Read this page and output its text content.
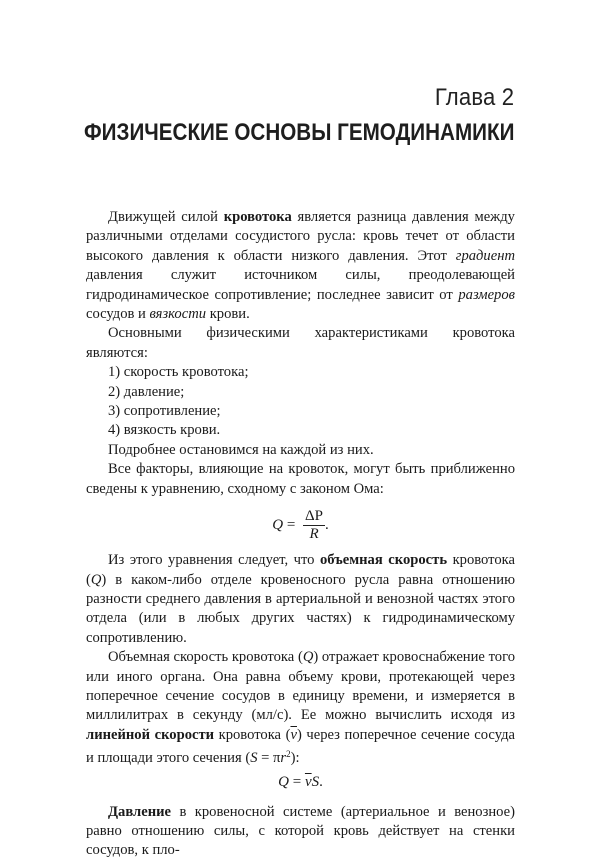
Глава 2
ФИЗИЧЕСКИЕ ОСНОВЫ ГЕМОДИНАМИКИ

Движущей силой кровотока является разница давления между различными отделами сосудистого русла: кровь течет от области высокого давления к области низкого давления. Этот градиент давления служит источником силы, преодолевающей гидродинамическое сопротивление; последнее зависит от размеров сосудов и вязкости крови.

Основными физическими характеристиками кровотока являются:

1) скорость кровотока;

2) давление;

3) сопротивление;

4) вязкость крови.

Подробнее остановимся на каждой из них.

Все факторы, влияющие на кровоток, могут быть приближенно сведены к уравнению, сходному с законом Ома:

$Q = \frac{\Delta P}{R}$ .

Из этого уравнения следует, что объемная скорость кровотока (Q) в каком-либо отделе кровеносного русла равна отношению разности среднего давления в артериальной и венозной частях этого отдела (или в любых других частях) к гидродинамическому сопротивлению.

Объемная скорость кровотока (Q) отражает кровоснабжение того или иного органа. Она равна объему крови, протекающей через поперечное сечение сосудов в единицу времени, и измеряется в миллилитрах в секунду (мл/с). Ее можно вычислить исходя из линейной скорости кровотока $(\overline{v})$ через поперечное сечение сосуда и площади этого сечения $(S = \pi r^2)$:

$Q = \overline{v}S$.

Давление в кровеносной системе (артериальное и венозное) равно отношению силы, с которой кровь действует на стенки сосудов, к пло-
